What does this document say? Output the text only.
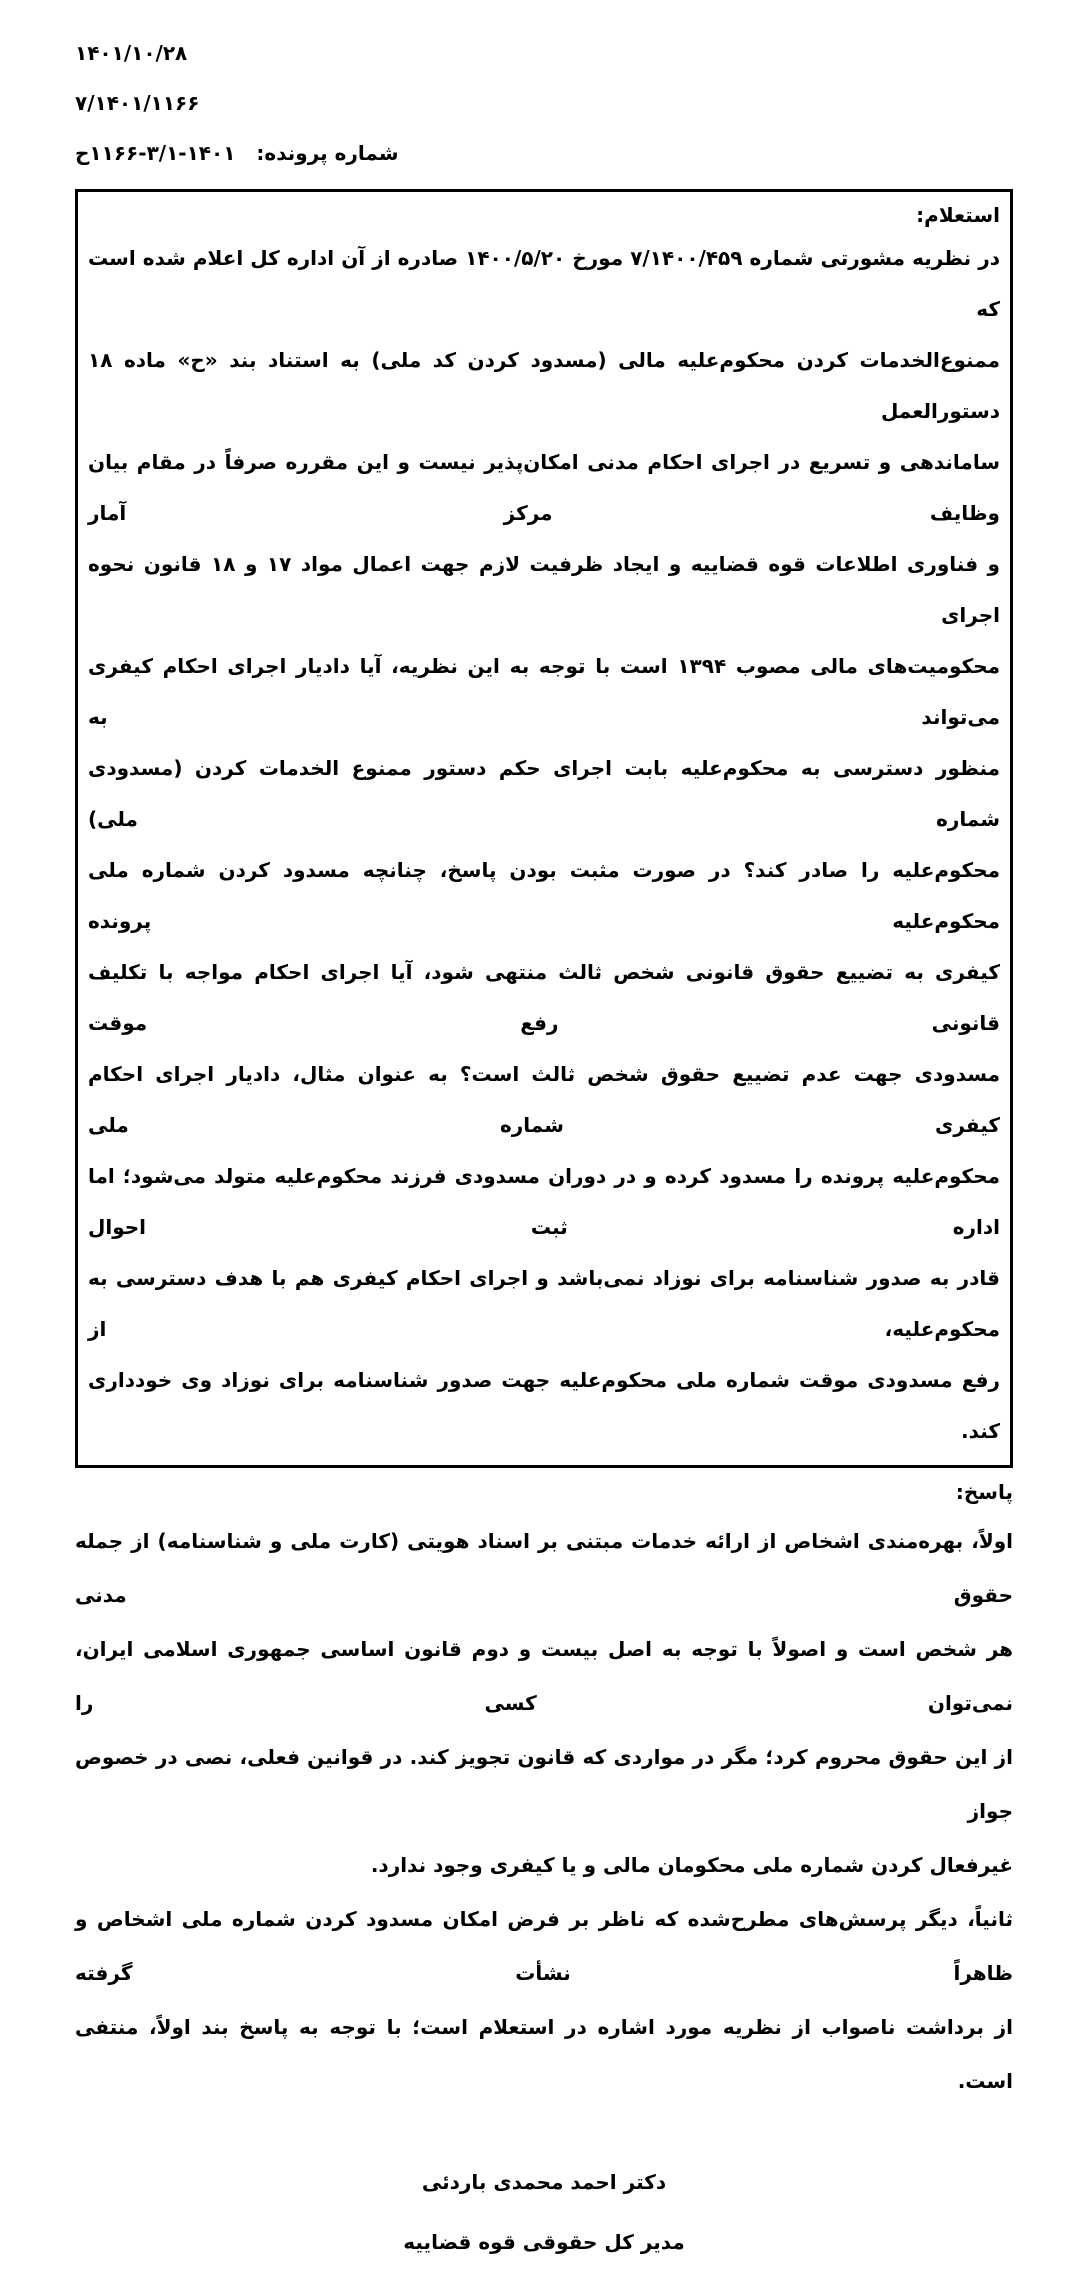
۱۴۰۱/۱۰/۲۸
۷/۱۴۰۱/۱۱۶۶
شماره پرونده: ۱۴۰۱-۳/۱-۱۱۶۶ح
استعلام:
در نظریه مشورتی شماره ۷/۱۴۰۰/۴۵۹ مورخ ۱۴۰۰/۵/۲۰ صادره از آن اداره کل اعلام شده است که
ممنوع‌الخدمات کردن محکوم‌علیه مالی (مسدود کردن کد ملی) به استناد بند «ح» ماده ۱۸ دستورالعمل
ساماندهی و تسریع در اجرای احکام مدنی امکان‌پذیر نیست و این مقرره صرفاً در مقام بیان وظایف مرکز آمار
و فناوری اطلاعات قوه قضاییه و ایجاد ظرفیت لازم جهت اعمال مواد ۱۷ و ۱۸ قانون نحوه اجرای
محکومیت‌های مالی مصوب ۱۳۹۴ است با توجه به این نظریه، آیا دادیار اجرای احکام کیفری می‌تواند به
منظور دسترسی به محکوم‌علیه بابت اجرای حکم دستور ممنوع الخدمات کردن (مسدودی شماره ملی)
محکوم‌علیه را صادر کند؟ در صورت مثبت بودن پاسخ، چنانچه مسدود کردن شماره ملی محکوم‌علیه پرونده
کیفری به تضییع حقوق قانونی شخص ثالث منتهی شود، آیا اجرای احکام مواجه با تکلیف قانونی رفع موقت
مسدودی جهت عدم تضییع حقوق شخص ثالث است؟ به عنوان مثال، دادیار اجرای احکام کیفری شماره ملی
محکوم‌علیه پرونده را مسدود کرده و در دوران مسدودی فرزند محکوم‌علیه متولد می‌شود؛ اما اداره ثبت احوال
قادر به صدور شناسنامه برای نوزاد نمی‌باشد و اجرای احکام کیفری هم با هدف دسترسی به محکوم‌علیه، از
رفع مسدودی موقت شماره ملی محکوم‌علیه جهت صدور شناسنامه برای نوزاد وی خودداری کند.
پاسخ:
اولاً، بهره‌مندی اشخاص از ارائه خدمات مبتنی بر اسناد هویتی (کارت ملی و شناسنامه) از جمله حقوق مدنی
هر شخص است و اصولاً با توجه به اصل بیست و دوم قانون اساسی جمهوری اسلامی ایران، نمی‌توان کسی را
از این حقوق محروم کرد؛ مگر در مواردی که قانون تجویز کند. در قوانین فعلی، نصی در خصوص جواز
غیرفعال کردن شماره ملی محکومان مالی و یا کیفری وجود ندارد.
ثانیاً، دیگر پرسش‌های مطرح‌شده که ناظر بر فرض امکان مسدود کردن شماره ملی اشخاص و ظاهراً نشأت گرفته
از برداشت ناصواب از نظریه مورد اشاره در استعلام است؛ با توجه به پاسخ بند اولاً، منتفی است.
دکتر احمد محمدی باردئی
مدیر کل حقوقی قوه قضاییه
